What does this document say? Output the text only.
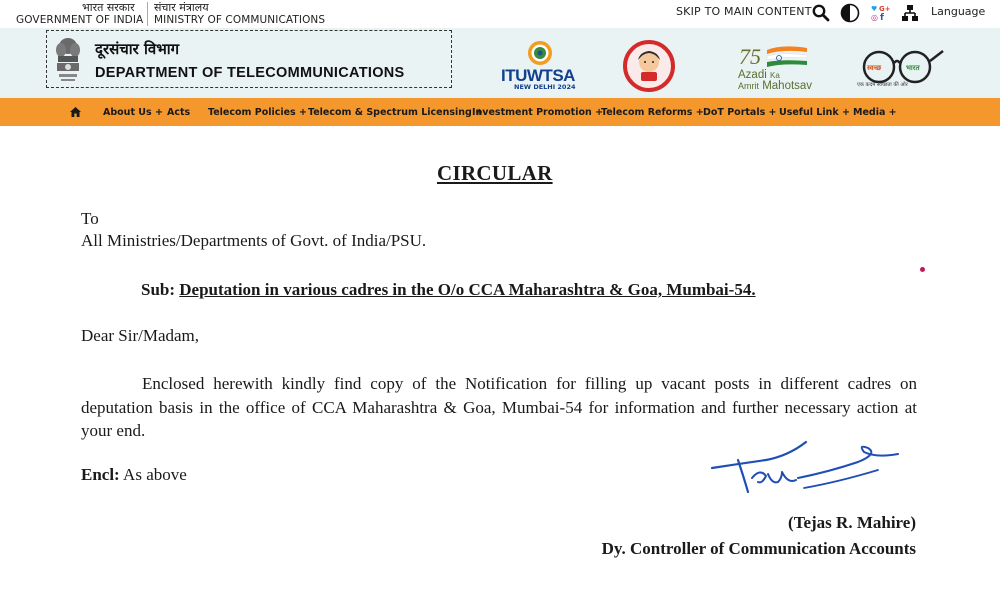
भारत सरकार
GOVERNMENT OF INDIA
संचार मंत्रालय
MINISTRY OF COMMUNICATIONS
SKIP TO MAIN CONTENT	♥ G+
◎ f	Language
दूरसंचार विभाग
DEPARTMENT OF TELECOMMUNICATIONS	ITUWTSA
NEW DELHI 2024
75
Azadi Ka
Amrit Mahotsav
स्वच्छ	भारत
एक कदम स्वच्छता की ओर
About Us + Acts Telecom Policies + Telecom & Spectrum Licensing +
Investment Promotion +
Telecom Reforms + DoT Portals + Useful Link + Media +
CIRCULAR
To
All Ministries/Departments of Govt. of India/PSU.
Sub: Deputation in various cadres in the O/o CCA Maharashtra & Goa, Mumbai-54.
Dear Sir/Madam,
Enclosed herewith kindly find copy of the Notification for filling up vacant posts in different cadres on deputation basis in the office of CCA Maharashtra & Goa, Mumbai-54 for information and further necessary action at your end.
Encl: As above
(Tejas R. Mahire)
Dy. Controller of Communication Accounts
